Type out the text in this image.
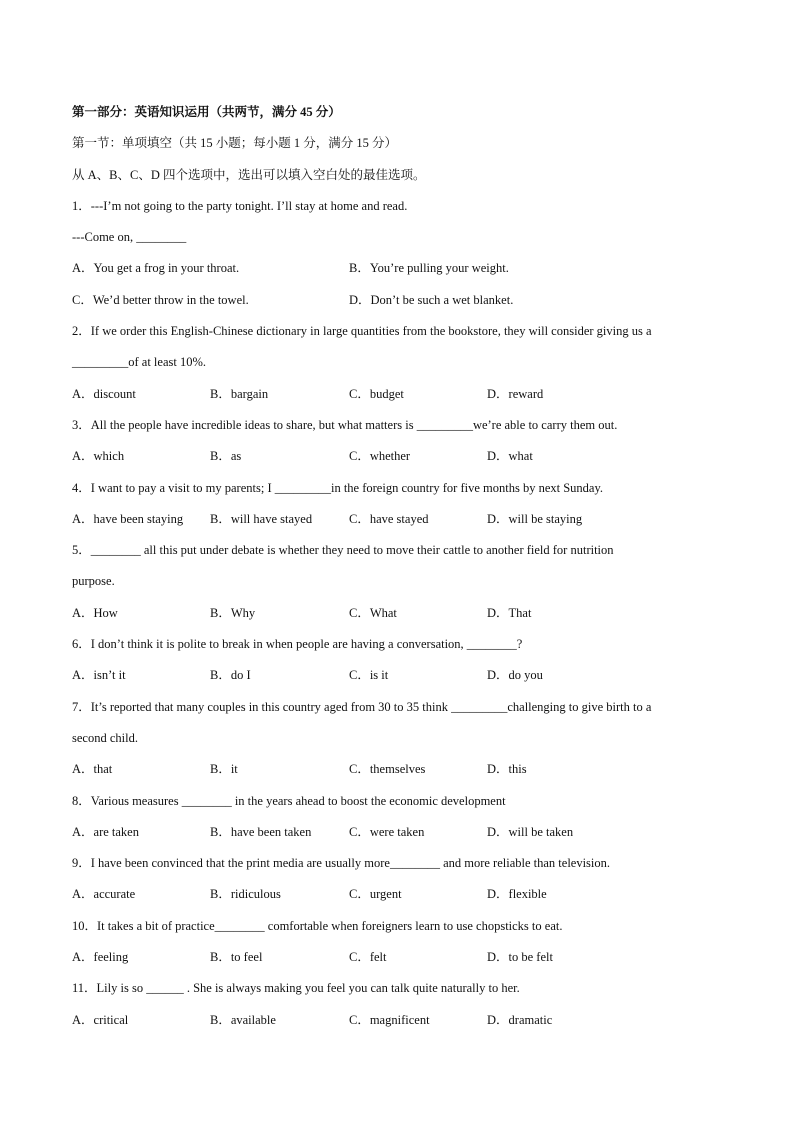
第一部分：英语知识运用（共两节，满分 45 分）
第一节：单项填空（共 15 小题；每小题 1 分，满分 15 分）
从 A、B、C、D 四个选项中，选出可以填入空白处的最佳选项。
1．---I’m not going to the party tonight. I’ll stay at home and read.
---Come on, ________
A．You get a frog in your throat.	B．You’re pulling your weight.
C．We’d better throw in the towel.	D．Don’t be such a wet blanket.
2．If we order this English-Chinese dictionary in large quantities from the bookstore, they will consider giving us a
_________of at least 10%.
A．discount	B．bargain	C．budget	D．reward
3．All the people have incredible ideas to share, but what matters is _________we’re able to carry them out.
A．which	B．as	C．whether	D．what
4．I want to pay a visit to my parents; I _________in the foreign country for five months by next Sunday.
A．have been staying B．will have stayed	C．have stayed	D．will be staying
5．________ all this put under debate is whether they need to move their cattle to another field for nutrition
purpose.
A．How	B．Why	C．What	D．That
6．I don’t think it is polite to break in when people are having a conversation, ________?
A．isn’t it	B．do I	C．is it	D．do you
7．It’s reported that many couples in this country aged from 30 to 35 think _________challenging to give birth to a
second child.
A．that	B．it	C．themselves	D．this
8．Various measures ________ in the years ahead to boost the economic development
A．are taken	B．have been taken	C．were taken	D．will be taken
9．I have been convinced that the print media are usually more________ and more reliable than television.
A．accurate	B．ridiculous	C．urgent	D．flexible
10．It takes a bit of practice________ comfortable when foreigners learn to use chopsticks to eat.
A．feeling	B．to feel	C．felt	D．to be felt
11．Lily is so ______ . She is always making you feel you can talk quite naturally to her.
A．critical	B．available	C．magnificent	D．dramatic
